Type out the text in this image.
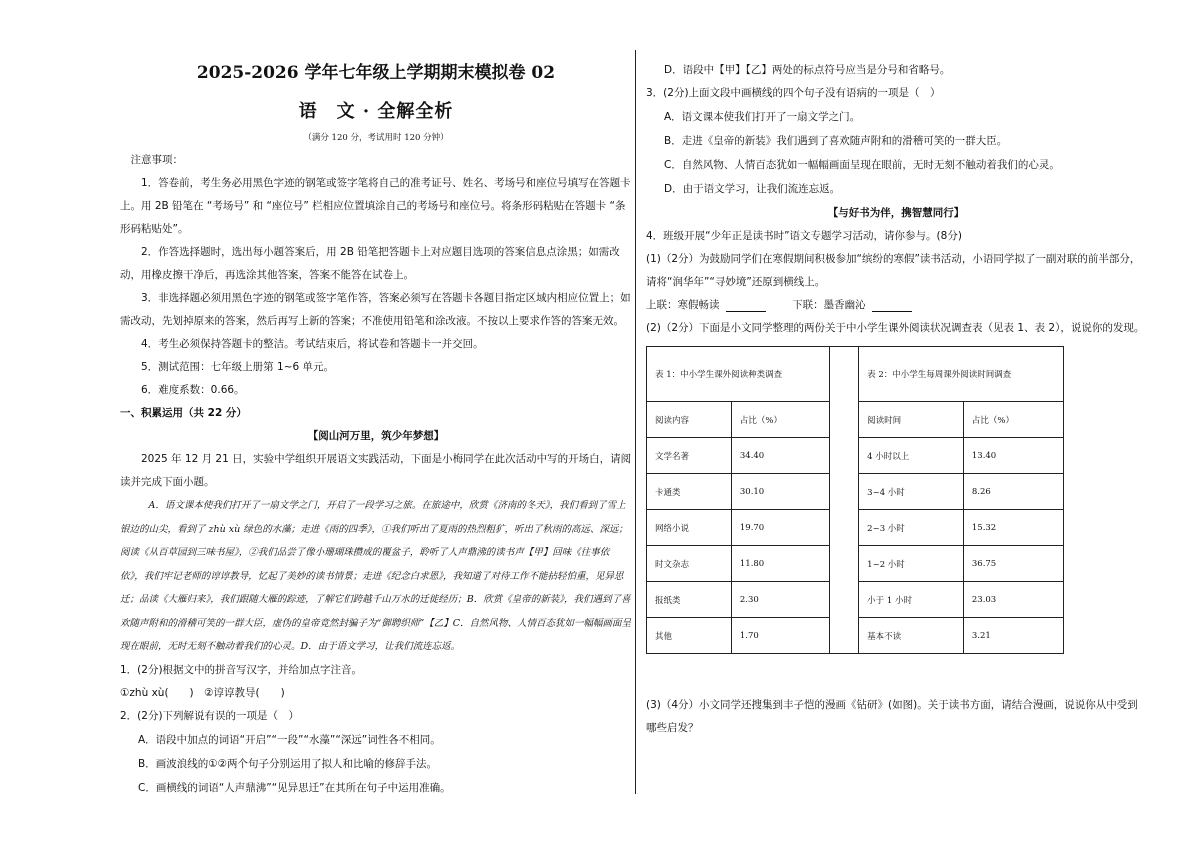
2025-2026 学年七年级上学期期末模拟卷 02
语　文 · 全解全析
（满分 120 分，考试用时 120 分钟）

注意事项：

1．答卷前，考生务必用黑色字迹的钢笔或签字笔将自己的准考证号、姓名、考场号和座位号填写在答题卡上。用 2B 铅笔在 “考场号” 和 “座位号” 栏相应位置填涂自己的考场号和座位号。将条形码粘贴在答题卡 “条形码粘贴处”。

2．作答选择题时，选出每小题答案后，用 2B 铅笔把答题卡上对应题目选项的答案信息点涂黑；如需改动，用橡皮擦干净后，再选涂其他答案，答案不能答在试卷上。

3．非选择题必须用黑色字迹的钢笔或签字笔作答，答案必须写在答题卡各题目指定区域内相应位置上；如需改动，先划掉原来的答案，然后再写上新的答案；不准使用铅笔和涂改液。不按以上要求作答的答案无效。

4．考生必须保持答题卡的整洁。考试结束后，将试卷和答题卡一并交回。

5．测试范围：七年级上册第 1~6 单元。

6．难度系数：0.66。

一、积累运用（共 22 分）
【阅山河万里，筑少年梦想】

2025 年 12 月 21 日，实验中学组织开展语文实践活动，下面是小梅同学在此次活动中写的开场白，请阅读并完成下面小题。

A．语文课本使我们打开了一扇文学之门，开启了一段学习之旅。在旅途中，欣赏《济南的冬天》，我们看到了雪上银边的山尖，看到了 zhù xù 绿色的水藻；走进《雨的四季》，①我们听出了夏雨的热烈粗犷，听出了秋雨的高远、深远；阅读《从百草园到三味书屋》，②我们品尝了像小珊瑚珠攒成的覆盆子，聆听了人声鼎沸的读书声【甲】回味《往事依依》，我们牢记老师的谆谆教导，忆起了美妙的读书情景；走进《纪念白求恩》，我知道了对待工作不能拈轻怕重，见异思迁；品读《大雁归来》，我们跟随大雁的踪迹，了解它们跨越千山万水的迁徙经历；B．欣赏《皇帝的新装》，我们遇到了喜欢随声附和的滑稽可笑的一群大臣，虚伪的皇帝竟然封骗子为“御聘织师”【乙】C．自然风物、人情百态犹如一幅幅画面呈现在眼前，无时无刻不触动着我们的心灵。D．由于语文学习，让我们流连忘返。

1．(2分)根据文中的拼音写汉字，并给加点字注音。

①zhù xù(　　)　②谆谆教导(　　)

2．(2分)下列解说有误的一项是（　）

A．语段中加点的词语“开启”“一段”“水藻”“深远”词性各不相同。

B．画波浪线的①②两个句子分别运用了拟人和比喻的修辞手法。

C．画横线的词语“人声鼎沸”“见异思迁”在其所在句子中运用准确。

D．语段中【甲】【乙】两处的标点符号应当是分号和省略号。

3．(2分)上面文段中画横线的四个句子没有语病的一项是（　）

A．语文课本使我们打开了一扇文学之门。

B．走进《皇帝的新装》我们遇到了喜欢随声附和的滑稽可笑的一群大臣。

C．自然风物、人情百态犹如一幅幅画面呈现在眼前，无时无刻不触动着我们的心灵。

D．由于语文学习，让我们流连忘返。

【与好书为伴，携智慧同行】

4．班级开展“少年正是读书时”语文专题学习活动，请你参与。(8分)

(1)（2分）为鼓励同学们在寒假期间积极参加“缤纷的寒假”读书活动，小语同学拟了一副对联的前半部分，请将“润华年”“寻妙境”还原到横线上。

上联：寒假畅读	下联：墨香幽沁

(2)（2分）下面是小文同学整理的两份关于中小学生课外阅读状况调查表（见表 1、表 2），说说你的发现。

表 1：中小学生课外阅读种类调查			表 2：中小学生每周课外阅读时间调查	
阅读内容	占比（%）		阅读时间	占比（%）
文学名著	34.40		4 小时以上	13.40
卡通类	30.10		3~4 小时	8.26
网络小说	19.70		2~3 小时	15.32
时文杂志	11.80		1~2 小时	36.75
报纸类	2.30		小于 1 小时	23.03
其他	1.70		基本不读	3.21

(3)（4分）小文同学还搜集到丰子恺的漫画《钻研》(如图)。关于读书方面，请结合漫画，说说你从中受到哪些启发？
